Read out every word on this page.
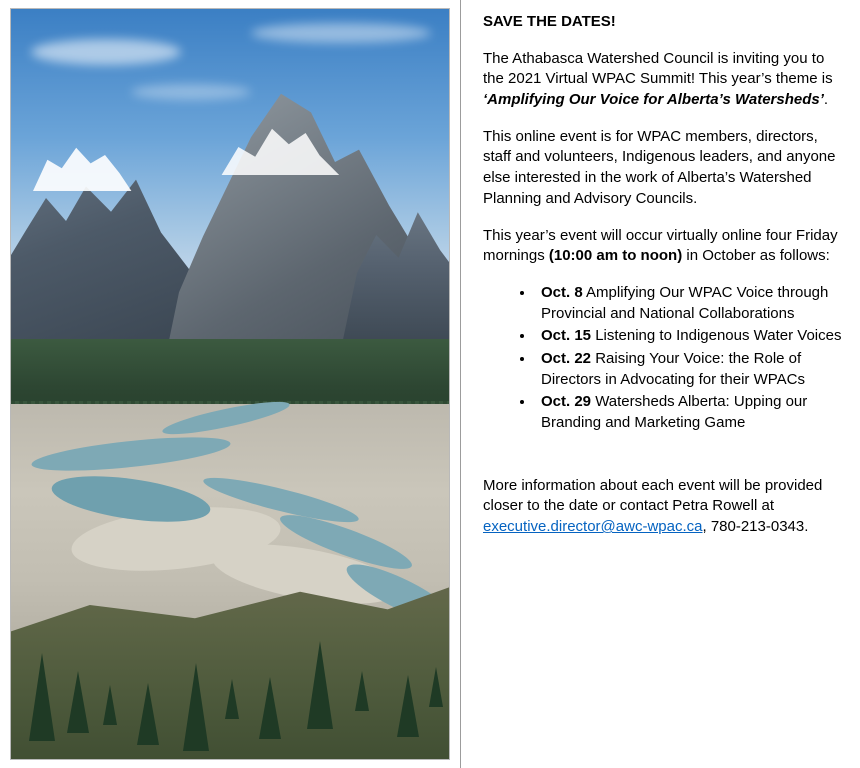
SAVE THE DATES!

The Athabasca Watershed Council is inviting you to the 2021 Virtual WPAC Summit! This year’s theme is ‘Amplifying Our Voice for Alberta’s Watersheds’.

This online event is for WPAC members, directors, staff and volunteers, Indigenous leaders, and anyone else interested in the work of Alberta’s Watershed Planning and Advisory Councils.

This year’s event will occur virtually online four Friday mornings (10:00 am to noon) in October as follows:

• Oct. 8 Amplifying Our WPAC Voice through Provincial and National Collaborations
• Oct. 15 Listening to Indigenous Water Voices
• Oct. 22 Raising Your Voice: the Role of Directors in Advocating for their WPACs
• Oct. 29 Watersheds Alberta: Upping our Branding and Marketing Game

More information about each event will be provided closer to the date or contact Petra Rowell at executive.director@awc-wpac.ca, 780-213-0343.
